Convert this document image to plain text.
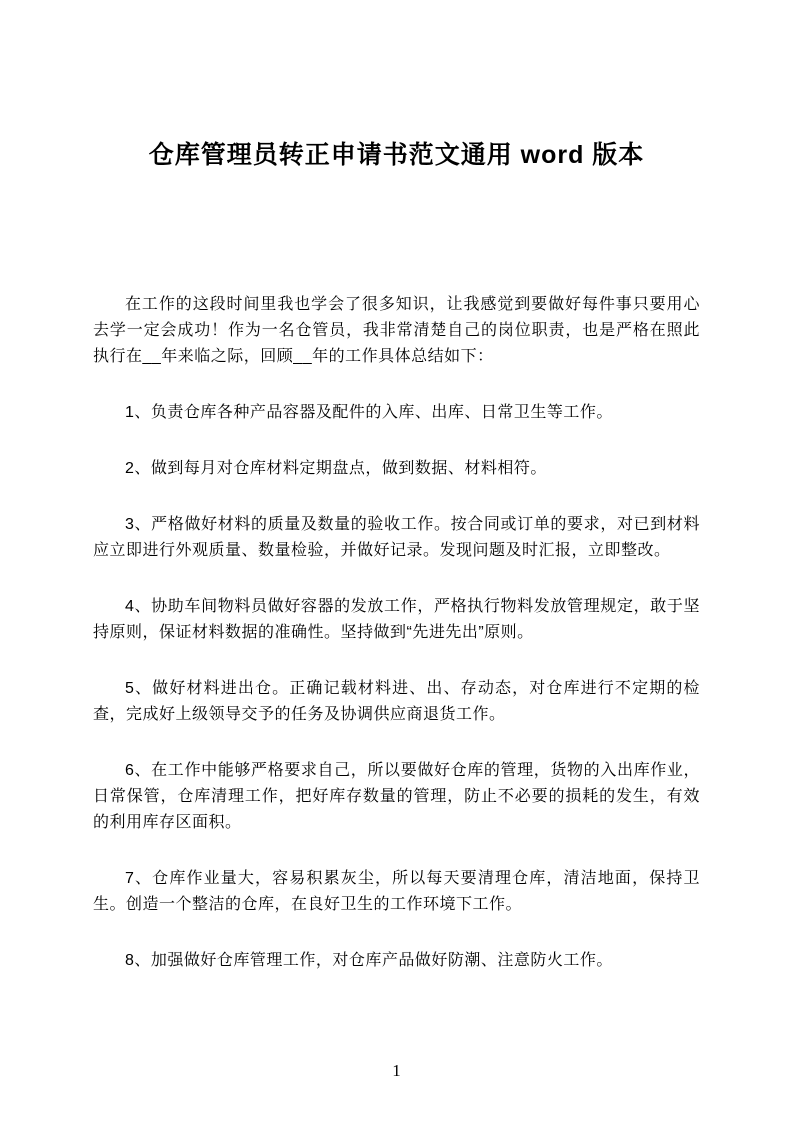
仓库管理员转正申请书范文通用 word 版本

在工作的这段时间里我也学会了很多知识，让我感觉到要做好每件事只要用心去学一定会成功！作为一名仓管员，我非常清楚自己的岗位职责，也是严格在照此执行在__年来临之际，回顾__年的工作具体总结如下：

1、负责仓库各种产品容器及配件的入库、出库、日常卫生等工作。

2、做到每月对仓库材料定期盘点，做到数据、材料相符。

3、严格做好材料的质量及数量的验收工作。按合同或订单的要求，对已到材料应立即进行外观质量、数量检验，并做好记录。发现问题及时汇报，立即整改。

4、协助车间物料员做好容器的发放工作，严格执行物料发放管理规定，敢于坚持原则，保证材料数据的准确性。坚持做到“先进先出”原则。

5、做好材料进出仓。正确记载材料进、出、存动态，对仓库进行不定期的检查，完成好上级领导交予的任务及协调供应商退货工作。

6、在工作中能够严格要求自己，所以要做好仓库的管理，货物的入出库作业，日常保管，仓库清理工作，把好库存数量的管理，防止不必要的损耗的发生，有效的利用库存区面积。

7、仓库作业量大，容易积累灰尘，所以每天要清理仓库，清洁地面，保持卫生。创造一个整洁的仓库，在良好卫生的工作环境下工作。

8、加强做好仓库管理工作，对仓库产品做好防潮、注意防火工作。

1
